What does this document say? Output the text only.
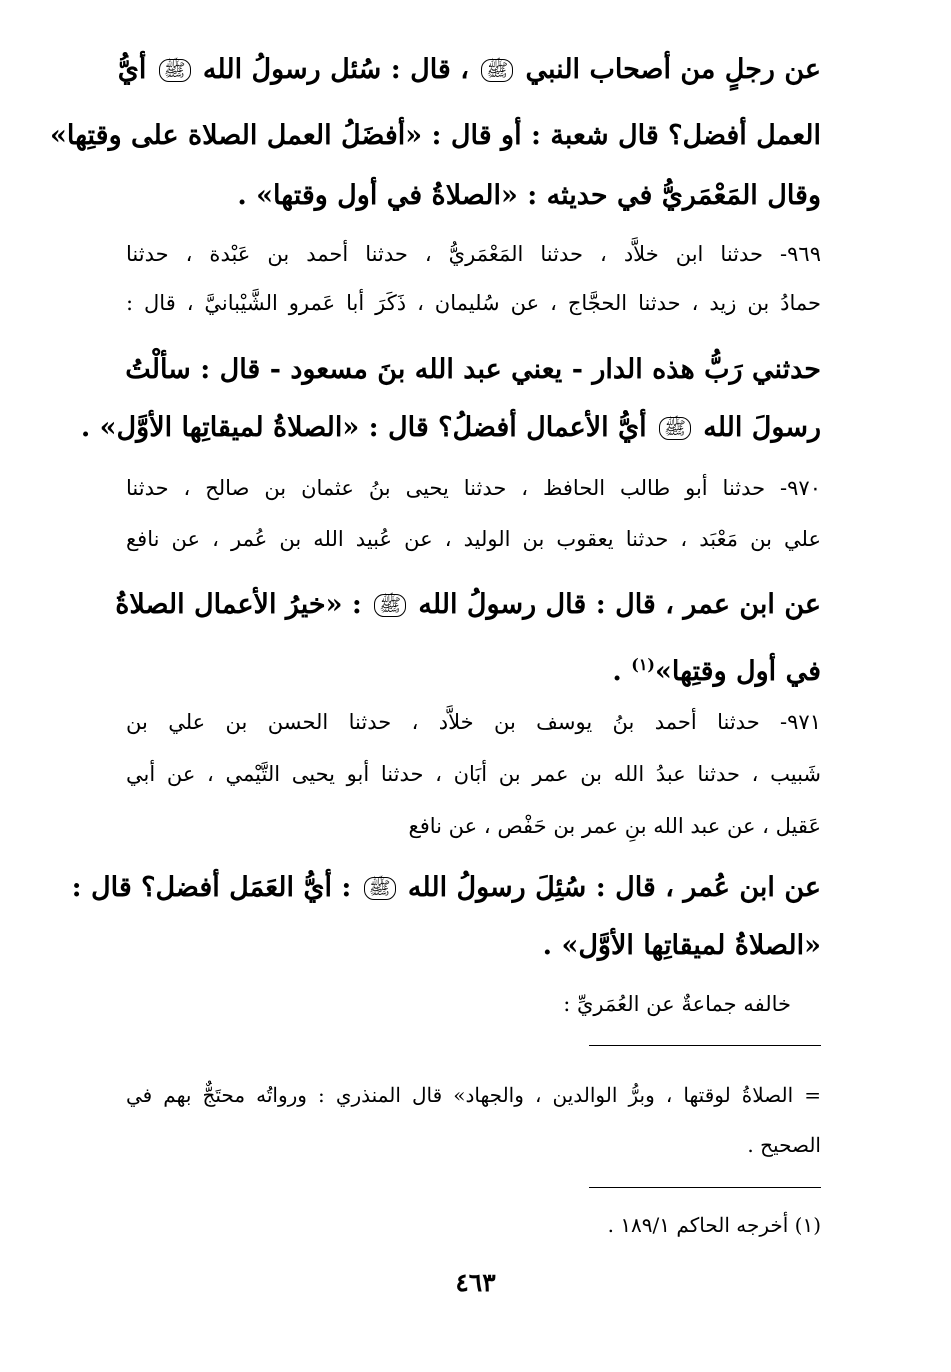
عن رجلٍ من أصحاب النبي ﷺ ، قال : سُئل رسولُ الله ﷺ أيُّ
العمل أفضل؟ قال شعبة : أو قال : «أفضَلُ العمل الصلاة على وقتِها»
وقال المَعْمَريُّ في حديثه : «الصلاةُ في أول وقتها» .
٩٦٩- حدثنا ابن خلاَّد ، حدثنا المَعْمَريُّ ، حدثنا أحمد بن عَبْدة ، حدثنا
حمادُ بن زيد ، حدثنا الحجَّاج ، عن سُليمان ، ذَكَرَ أبا عَمرو الشَّيْبانيَّ ، قال :
حدثني رَبُّ هذه الدار - يعني عبد الله بنَ مسعود - قال : سألْتُ
رسولَ الله ﷺ أيُّ الأعمال أفضلُ؟ قال : «الصلاةُ لميقاتِها الأوَّل» .
٩٧٠- حدثنا أبو طالب الحافظ ، حدثنا يحيى بنُ عثمان بن صالح ، حدثنا
علي بن مَعْبَد ، حدثنا يعقوب بن الوليد ، عن عُبيد الله بن عُمر ، عن نافع
عن ابن عمر ، قال : قال رسولُ الله ﷺ : «خيرُ الأعمال الصلاةُ
في أول وقتِها»$^{(١)}$ .
٩٧١- حدثنا أحمد بنُ يوسف بن خلاَّد ، حدثنا الحسن بن علي بن
شَبيب ، حدثنا عبدُ الله بن عمر بن أبَان ، حدثنا أبو يحيى التَّيْمي ، عن أبي
عَقيل ، عن عبد الله بنِ عمر بن حَفْص ، عن نافع
عن ابن عُمر ، قال : سُئِلَ رسولُ الله ﷺ : أيُّ العَمَل أفضل؟ قال :
«الصلاةُ لميقاتِها الأوَّل» .
خالفه جماعةٌ عن العُمَريِّ :
= الصلاةُ لوقتها ، وبرُّ الوالدين ، والجهاد» قال المنذري : ورواتُه محتَجٌّ بهم في
الصحيح .
(١) أخرجه الحاكم ١٨٩/١ .
٤٦٣
